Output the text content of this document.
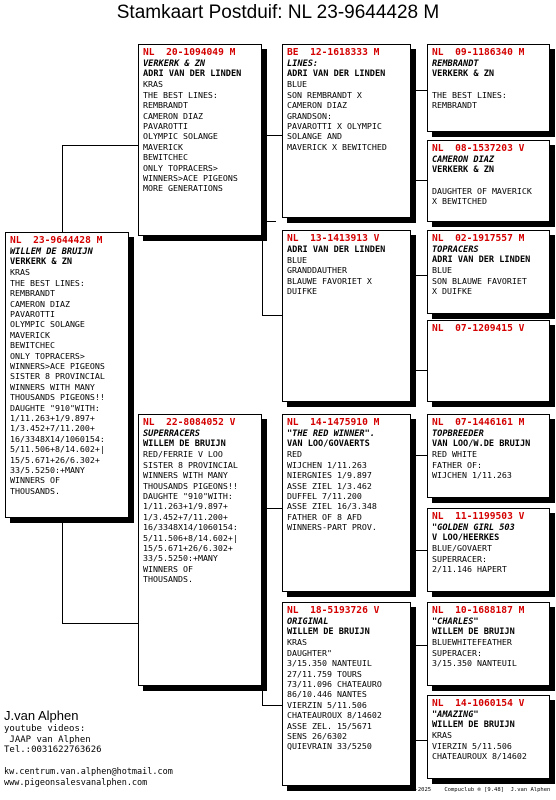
Stamkaart Postduif: NL 23-9644428 M
NL  23-9644428 M
WILLEM DE BRUIJN
VERKERK & ZN
KRAS
THE BEST LINES:
REMBRANDT
CAMERON DIAZ
PAVAROTTI
OLYMPIC SOLANGE
MAVERICK
BEWITCHEC
ONLY TOPRACERS>
WINNERS>ACE PIGEONS
SISTER 8 PROVINCIAL
WINNERS WITH MANY
THOUSANDS PIGEONS!!
DAUGHTE "910"WITH:
1/11.263+1/9.897+
1/3.452+7/11.200+
16/3348X14/1060154:
5/11.506+8/14.602+|
15/5.671+26/6.302+
33/5.5250:+MANY
WINNERS OF
THOUSANDS.
NL  20-1094049 M
VERKERK & ZN
ADRI VAN DER LINDEN
KRAS
THE BEST LINES:
REMBRANDT
CAMERON DIAZ
PAVAROTTI
OLYMPIC SOLANGE
MAVERICK
BEWITCHEC
ONLY TOPRACERS>
WINNERS>ACE PIGEONS
MORE GENERATIONS
NL  22-8084052 V
SUPERRACERS
WILLEM DE BRUIJN
RED/FERRIE V LOO
SISTER 8 PROVINCIAL
WINNERS WITH MANY
THOUSANDS PIGEONS!!
DAUGHTE "910"WITH:
1/11.263+1/9.897+
1/3.452+7/11.200+
16/3348X14/1060154:
5/11.506+8/14.602+|
15/5.671+26/6.302+
33/5.5250:+MANY
WINNERS OF
THOUSANDS.
BE  12-1618333 M
LINES:
ADRI VAN DER LINDEN
BLUE
SON REMBRANDT X
CAMERON DIAZ
GRANDSON:
PAVAROTTI X OLYMPIC
SOLANGE AND
MAVERICK X BEWITCHED
NL  13-1413913 V
ADRI VAN DER LINDEN
BLUE
GRANDDAUTHER
BLAUWE FAVORIET X
DUIFKE
NL  14-1475910 M
"THE RED WINNER".
VAN LOO/GOVAERTS
RED
WIJCHEN 1/11.263
NIERGNIES 1/9.897
ASSE ZIEL 1/3.462
DUFFEL 7/11.200
ASSE ZIEL 16/3.348
FATHER OF 8 AFD
WINNERS-PART PROV.
NL  18-5193726 V
ORIGINAL
WILLEM DE BRUIJN
KRAS
DAUGHTER"
3/15.350 NANTEUIL
27/11.759 TOURS
73/11.096 CHATEAURO
86/10.446 NANTES
VIERZIN 5/11.506
CHATEAUROUX 8/14602
ASSE ZEL. 15/5671
SENS 26/6302
QUIEVRAIN 33/5250
NL  09-1186340 M
REMBRANDT
VERKERK & ZN

THE BEST LINES:
REMBRANDT
NL  08-1537203 V
CAMERON DIAZ
VERKERK & ZN

DAUGHTER OF MAVERICK
X BEWITCHED
NL  02-1917557 M
TOPRACERS
ADRI VAN DER LINDEN
BLUE
SON BLAUWE FAVORIET
X DUIFKE
NL  07-1209415 V
NL  07-1446161 M
TOPBREEDER
VAN LOO/W.DE BRUIJN
RED WHITE
FATHER OF:
WIJCHEN 1/11.263
NL  11-1199503 V
"GOLDEN GIRL 503
V LOO/HEERKES
BLUE/GOVAERT
SUPERRACER:
2/11.146 HAPERT
NL  10-1688187 M
"CHARLES"
WILLEM DE BRUIJN
BLUEWHITEFEATHER
SUPERACER:
3/15.350 NANTEUIL
NL  14-1060154 V
"AMAZING"
WILLEM DE BRUIJN
KRAS
VIERZIN 5/11.506
CHATEAUROUX 8/14602
J.van Alphen
youtube videos:
JAAP van Alphen
Tel.:0031622763626
kw.centrum.van.alphen@hotmail.com
www.pigeonsalesvanalphen.com
08-08-2025    Compuclub ® [9.48]  J.van Alphen
